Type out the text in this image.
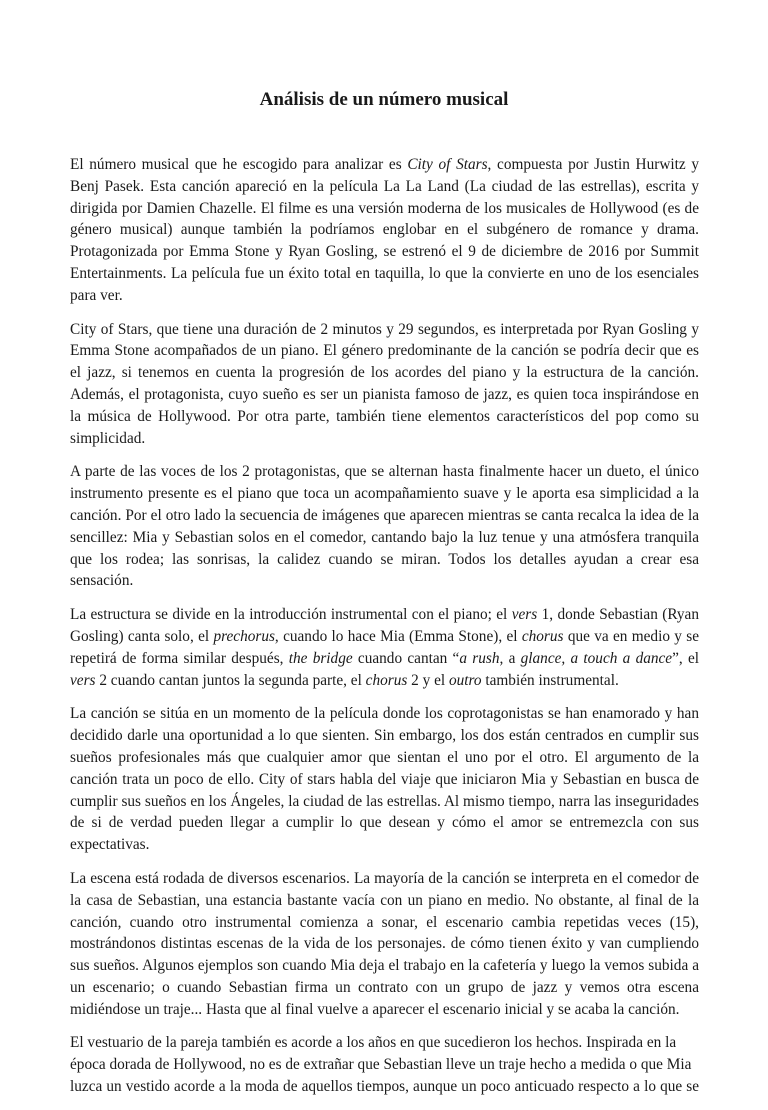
Análisis de un número musical

El número musical que he escogido para analizar es City of Stars, compuesta por Justin Hurwitz y Benj Pasek. Esta canción apareció en la película La La Land (La ciudad de las estrellas), escrita y dirigida por Damien Chazelle. El filme es una versión moderna de los musicales de Hollywood (es de género musical) aunque también la podríamos englobar en el subgénero de romance y drama. Protagonizada por Emma Stone y Ryan Gosling, se estrenó el 9 de diciembre de 2016 por Summit Entertainments. La película fue un éxito total en taquilla, lo que la convierte en uno de los esenciales para ver.

City of Stars, que tiene una duración de 2 minutos y 29 segundos, es interpretada por Ryan Gosling y Emma Stone acompañados de un piano. El género predominante de la canción se podría decir que es el jazz, si tenemos en cuenta la progresión de los acordes del piano y la estructura de la canción. Además, el protagonista, cuyo sueño es ser un pianista famoso de jazz, es quien toca inspirándose en la música de Hollywood. Por otra parte, también tiene elementos característicos del pop como su simplicidad.

A parte de las voces de los 2 protagonistas, que se alternan hasta finalmente hacer un dueto, el único instrumento presente es el piano que toca un acompañamiento suave y le aporta esa simplicidad a la canción. Por el otro lado la secuencia de imágenes que aparecen mientras se canta recalca la idea de la sencillez: Mia y Sebastian solos en el comedor, cantando bajo la luz tenue y una atmósfera tranquila que los rodea; las sonrisas, la calidez cuando se miran. Todos los detalles ayudan a crear esa sensación.

La estructura se divide en la introducción instrumental con el piano; el vers 1, donde Sebastian (Ryan Gosling) canta solo, el prechorus, cuando lo hace Mia (Emma Stone), el chorus que va en medio y se repetirá de forma similar después, the bridge cuando cantan “a rush, a glance, a touch a dance”, el vers 2 cuando cantan juntos la segunda parte, el chorus 2 y el outro también instrumental.

La canción se sitúa en un momento de la película donde los coprotagonistas se han enamorado y han decidido darle una oportunidad a lo que sienten. Sin embargo, los dos están centrados en cumplir sus sueños profesionales más que cualquier amor que sientan el uno por el otro. El argumento de la canción trata un poco de ello. City of stars habla del viaje que iniciaron Mia y Sebastian en busca de cumplir sus sueños en los Ángeles, la ciudad de las estrellas. Al mismo tiempo, narra las inseguridades de si de verdad pueden llegar a cumplir lo que desean y cómo el amor se entremezcla con sus expectativas.

La escena está rodada de diversos escenarios. La mayoría de la canción se interpreta en el comedor de la casa de Sebastian, una estancia bastante vacía con un piano en medio. No obstante, al final de la canción, cuando otro instrumental comienza a sonar, el escenario cambia repetidas veces (15), mostrándonos distintas escenas de la vida de los personajes. de cómo tienen éxito y van cumpliendo sus sueños. Algunos ejemplos son cuando Mia deja el trabajo en la cafetería y luego la vemos subida a un escenario; o cuando Sebastian firma un contrato con un grupo de jazz y vemos otra escena midiéndose un traje... Hasta que al final vuelve a aparecer el escenario inicial y se acaba la canción.

El vestuario de la pareja también es acorde a los años en que sucedieron los hechos. Inspirada en la época dorada de Hollywood, no es de extrañar que Sebastian lleve un traje hecho a medida o que Mia luzca un vestido acorde a la moda de aquellos tiempos, aunque un poco anticuado respecto a lo que se
